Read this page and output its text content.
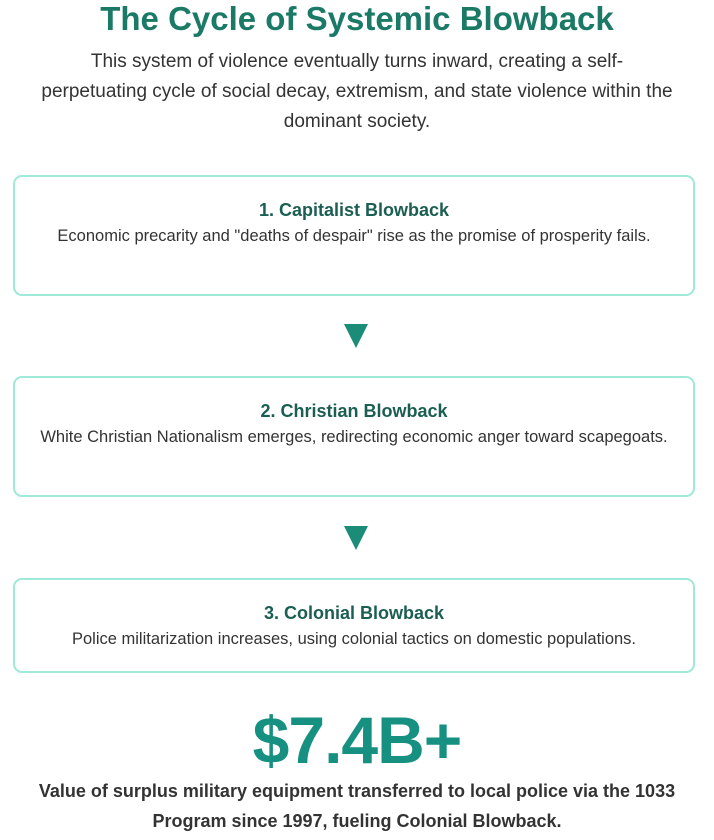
The Cycle of Systemic Blowback

This system of violence eventually turns inward, creating a self-perpetuating cycle of social decay, extremism, and state violence within the dominant society.

1. Capitalist Blowback

Economic precarity and "deaths of despair" rise as the promise of prosperity fails.

2. Christian Blowback

White Christian Nationalism emerges, redirecting economic anger toward scapegoats.

3. Colonial Blowback

Police militarization increases, using colonial tactics on domestic populations.

$7.4B+

Value of surplus military equipment transferred to local police via the 1033 Program since 1997, fueling Colonial Blowback.
